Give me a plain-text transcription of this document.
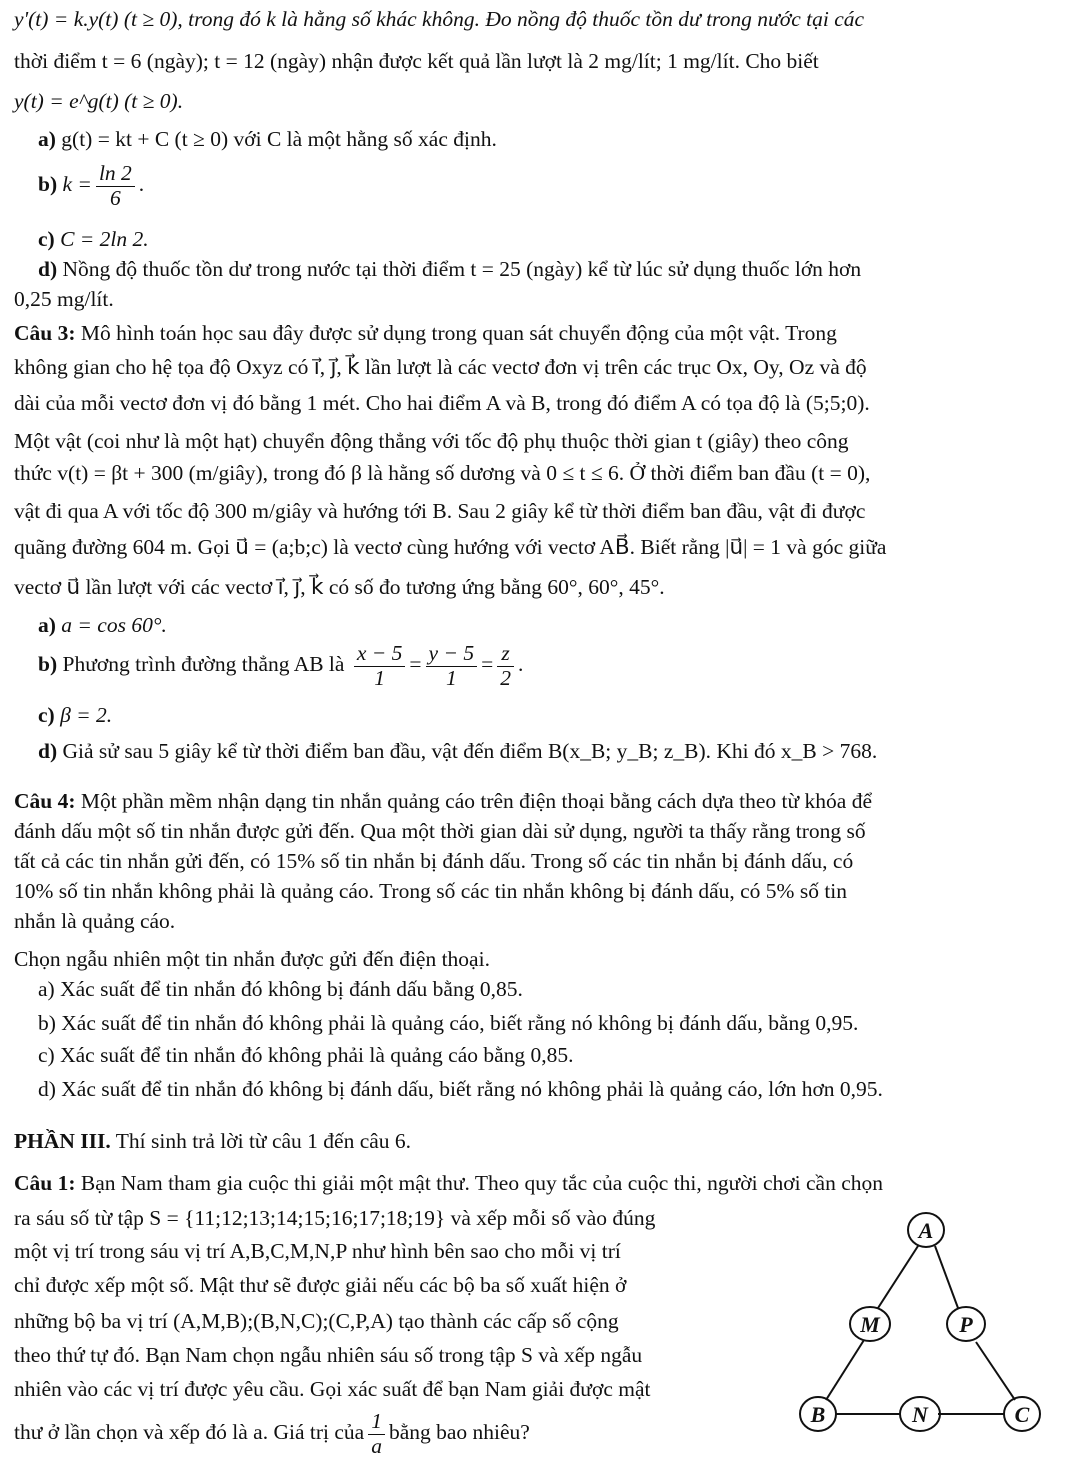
y'(t) = k.y(t) (t ≥ 0), trong đó k là hằng số khác không. Đo nồng độ thuốc tồn dư trong nước tại các
thời điểm t = 6 (ngày); t = 12 (ngày) nhận được kết quả lần lượt là 2 mg/lít; 1 mg/lít. Cho biết
y(t) = e^g(t) (t ≥ 0).
a) g(t) = kt + C (t ≥ 0) với C là một hằng số xác định.
b) $k = \frac{\ln 2}{6}$ .
c) C = 2ln 2.
d) Nồng độ thuốc tồn dư trong nước tại thời điểm t = 25 (ngày) kể từ lúc sử dụng thuốc lớn hơn
0,25 mg/lít.
Câu 3: Mô hình toán học sau đây được sử dụng trong quan sát chuyển động của một vật. Trong
không gian cho hệ tọa độ Oxyz có i⃗, j⃗, k⃗ lần lượt là các vectơ đơn vị trên các trục Ox, Oy, Oz và độ
dài của mỗi vectơ đơn vị đó bằng 1 mét. Cho hai điểm A và B, trong đó điểm A có tọa độ là (5;5;0).
Một vật (coi như là một hạt) chuyển động thẳng với tốc độ phụ thuộc thời gian t (giây) theo công
thức v(t) = βt + 300 (m/giây), trong đó β là hằng số dương và 0 ≤ t ≤ 6. Ở thời điểm ban đầu (t = 0),
vật đi qua A với tốc độ 300 m/giây và hướng tới B. Sau 2 giây kể từ thời điểm ban đầu, vật đi được
quãng đường 604 m. Gọi u⃗ = (a;b;c) là vectơ cùng hướng với vectơ AB⃗. Biết rằng |u⃗| = 1 và góc giữa
vectơ u⃗ lần lượt với các vectơ i⃗, j⃗, k⃗ có số đo tương ứng bằng 60°, 60°, 45°.
a) a = cos 60°.
b) Phương trình đường thẳng AB là $\frac{x - 5}{1} = \frac{y - 5}{1} = \frac{z}{2}$ .
c) β = 2.
d) Giả sử sau 5 giây kể từ thời điểm ban đầu, vật đến điểm B(x_B; y_B; z_B). Khi đó x_B > 768.
Câu 4: Một phần mềm nhận dạng tin nhắn quảng cáo trên điện thoại bằng cách dựa theo từ khóa để
đánh dấu một số tin nhắn được gửi đến. Qua một thời gian dài sử dụng, người ta thấy rằng trong số
tất cả các tin nhắn gửi đến, có 15% số tin nhắn bị đánh dấu. Trong số các tin nhắn bị đánh dấu, có
10% số tin nhắn không phải là quảng cáo. Trong số các tin nhắn không bị đánh dấu, có 5% số tin
nhắn là quảng cáo.
Chọn ngẫu nhiên một tin nhắn được gửi đến điện thoại.
a) Xác suất để tin nhắn đó không bị đánh dấu bằng 0,85.
b) Xác suất để tin nhắn đó không phải là quảng cáo, biết rằng nó không bị đánh dấu, bằng 0,95.
c) Xác suất để tin nhắn đó không phải là quảng cáo bằng 0,85.
d) Xác suất để tin nhắn đó không bị đánh dấu, biết rằng nó không phải là quảng cáo, lớn hơn 0,95.
PHẦN III. Thí sinh trả lời từ câu 1 đến câu 6.
Câu 1: Bạn Nam tham gia cuộc thi giải một mật thư. Theo quy tắc của cuộc thi, người chơi cần chọn
ra sáu số từ tập S = {11;12;13;14;15;16;17;18;19} và xếp mỗi số vào đúng
một vị trí trong sáu vị trí A,B,C,M,N,P như hình bên sao cho mỗi vị trí
chỉ được xếp một số. Mật thư sẽ được giải nếu các bộ ba số xuất hiện ở
những bộ ba vị trí (A,M,B);(B,N,C);(C,P,A) tạo thành các cấp số cộng
theo thứ tự đó. Bạn Nam chọn ngẫu nhiên sáu số trong tập S và xếp ngẫu
nhiên vào các vị trí được yêu cầu. Gọi xác suất để bạn Nam giải được mật
thư ở lần chọn và xếp đó là a. Giá trị của $\frac{1}{a}$ bằng bao nhiêu?
A
M	P
B	N	C
